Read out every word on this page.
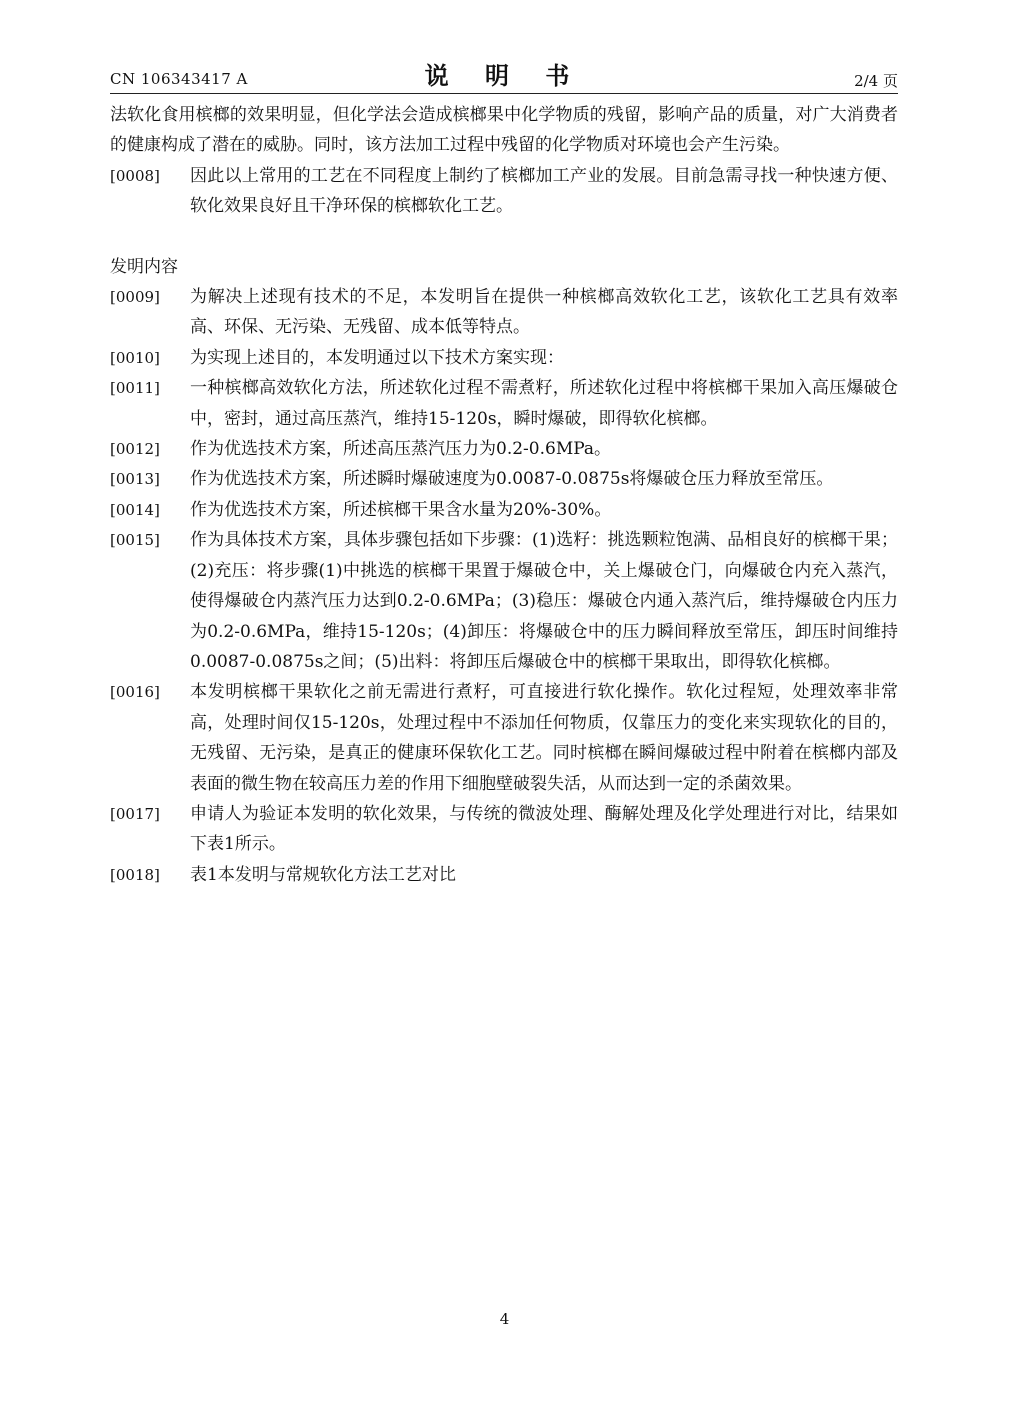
CN 106343417 A	说 明 书	2/4 页

法软化食用槟榔的效果明显，但化学法会造成槟榔果中化学物质的残留，影响产品的质量，对广大消费者的健康构成了潜在的威胁。同时，该方法加工过程中残留的化学物质对环境也会产生污染。

[0008]	因此以上常用的工艺在不同程度上制约了槟榔加工产业的发展。目前急需寻找一种快速方便、软化效果良好且干净环保的槟榔软化工艺。

发明内容

[0009]	为解决上述现有技术的不足，本发明旨在提供一种槟榔高效软化工艺，该软化工艺具有效率高、环保、无污染、无残留、成本低等特点。
[0010]	为实现上述目的，本发明通过以下技术方案实现：
[0011]	一种槟榔高效软化方法，所述软化过程不需煮籽，所述软化过程中将槟榔干果加入高压爆破仓中，密封，通过高压蒸汽，维持15-120s，瞬时爆破，即得软化槟榔。
[0012]	作为优选技术方案，所述高压蒸汽压力为0.2-0.6MPa。
[0013]	作为优选技术方案，所述瞬时爆破速度为0.0087-0.0875s将爆破仓压力释放至常压。
[0014]	作为优选技术方案，所述槟榔干果含水量为20%-30%。
[0015]	作为具体技术方案，具体步骤包括如下步骤：(1)选籽：挑选颗粒饱满、品相良好的槟榔干果；(2)充压：将步骤(1)中挑选的槟榔干果置于爆破仓中，关上爆破仓门，向爆破仓内充入蒸汽，使得爆破仓内蒸汽压力达到0.2-0.6MPa；(3)稳压：爆破仓内通入蒸汽后，维持爆破仓内压力为0.2-0.6MPa，维持15-120s；(4)卸压：将爆破仓中的压力瞬间释放至常压，卸压时间维持0.0087-0.0875s之间；(5)出料：将卸压后爆破仓中的槟榔干果取出，即得软化槟榔。
[0016]	本发明槟榔干果软化之前无需进行煮籽，可直接进行软化操作。软化过程短，处理效率非常高，处理时间仅15-120s，处理过程中不添加任何物质，仅靠压力的变化来实现软化的目的，无残留、无污染，是真正的健康环保软化工艺。同时槟榔在瞬间爆破过程中附着在槟榔内部及表面的微生物在较高压力差的作用下细胞壁破裂失活，从而达到一定的杀菌效果。
[0017]	申请人为验证本发明的软化效果，与传统的微波处理、酶解处理及化学处理进行对比，结果如下表1所示。
[0018]	表1本发明与常规软化方法工艺对比
4
